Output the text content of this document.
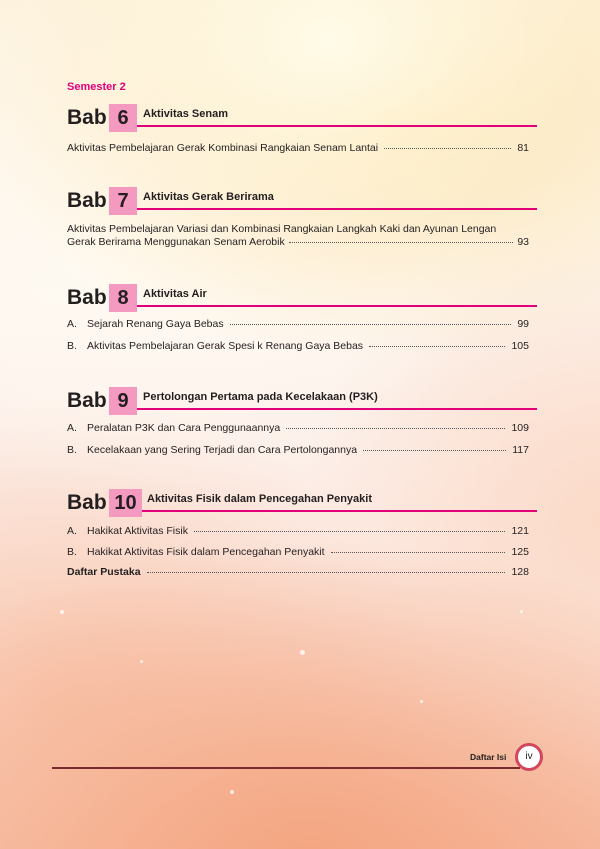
Semester 2
Bab 6	Aktivitas Senam
Aktivitas Pembelajaran Gerak Kombinasi Rangkaian Senam Lantai	81
Bab 7	Aktivitas Gerak Berirama
Aktivitas Pembelajaran Variasi dan Kombinasi Rangkaian Langkah Kaki dan Ayunan Lengan
Gerak Berirama Menggunakan Senam Aerobik	93
Bab 8	Aktivitas Air
A. Sejarah Renang Gaya Bebas	99
B. Aktivitas Pembelajaran Gerak Spesi k Renang Gaya Bebas	105
Bab 9	Pertolongan Pertama pada Kecelakaan (P3K)
A. Peralatan P3K dan Cara Penggunaannya	109
B. Kecelakaan yang Sering Terjadi dan Cara Pertolongannya	117
Bab 10 Aktivitas Fisik dalam Pencegahan Penyakit
A. Hakikat Aktivitas Fisik	121
B. Hakikat Aktivitas Fisik dalam Pencegahan Penyakit	125
Daftar Pustaka	128
Daftar Isi	iv
